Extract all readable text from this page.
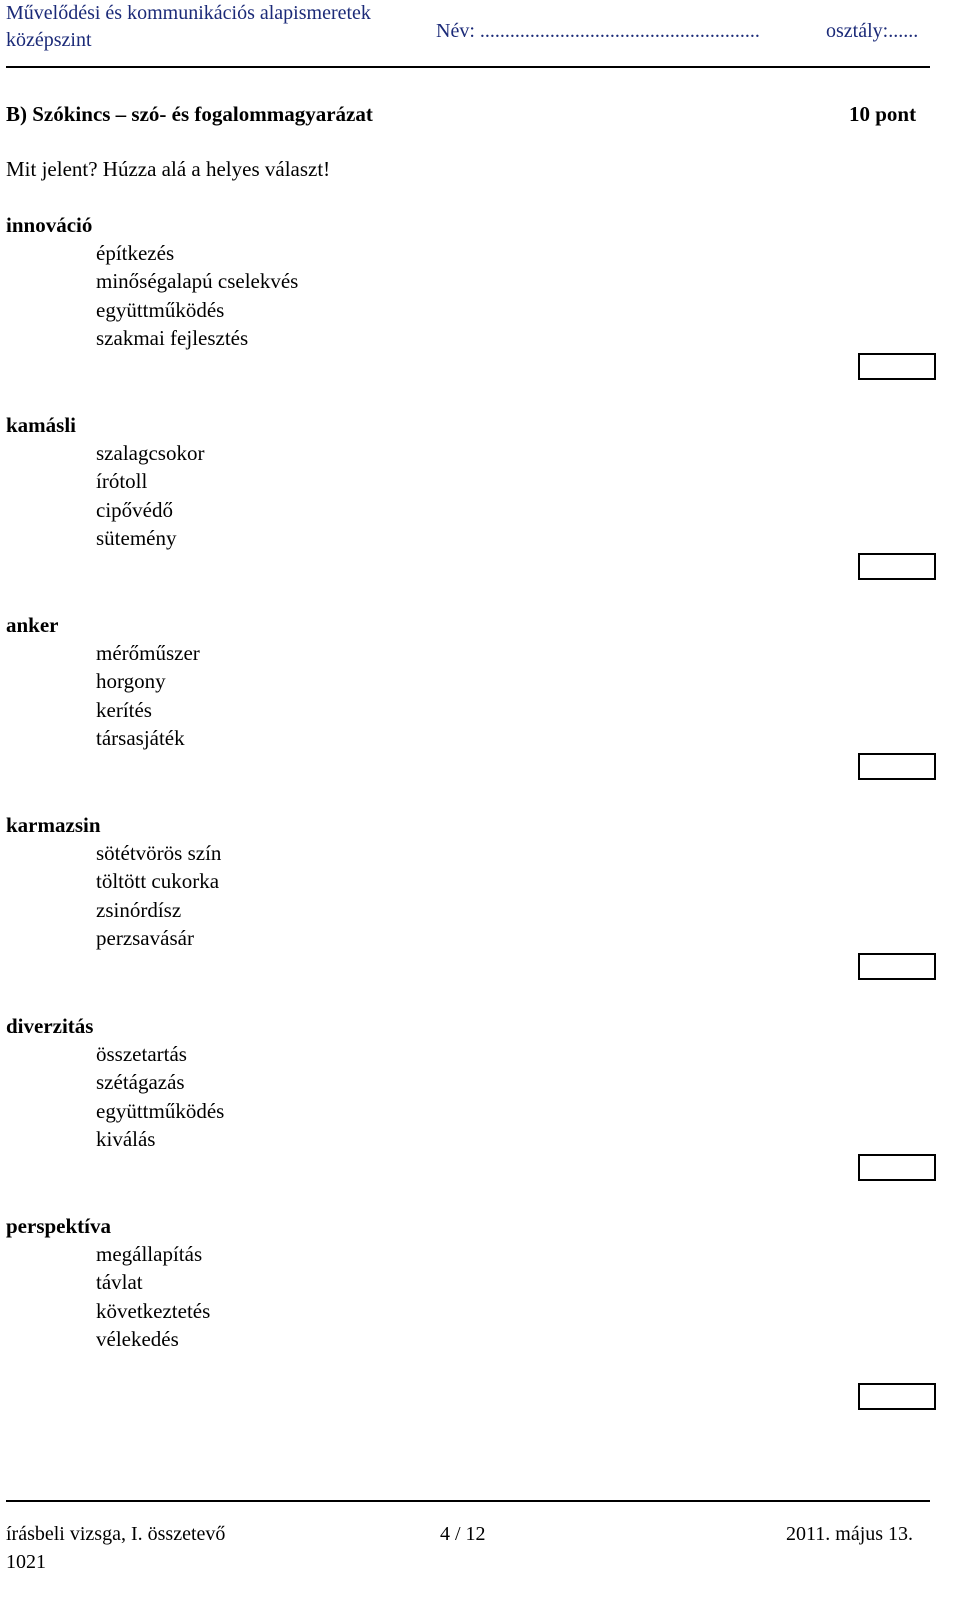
Művelődési és kommunikációs alapismeretek
középszint	Név: ........................................................	osztály:......
B) Szókincs – szó- és fogalommagyarázat	10 pont
Mit jelent? Húzza alá a helyes választ!
innováció
építkezés
minőségalapú cselekvés
együttműködés
szakmai fejlesztés
kamásli
szalagcsokor
írótoll
cipővédő
sütemény
anker
mérőműszer
horgony
kerítés
társasjáték
karmazsin
sötétvörös szín
töltött cukorka
zsinórdísz
perzsavásár
diverzitás
összetartás
szétágazás
együttműködés
kiválás
perspektíva
megállapítás
távlat
következtetés
vélekedés
írásbeli vizsga, I. összetevő
1021
4 / 12	2011. május 13.
